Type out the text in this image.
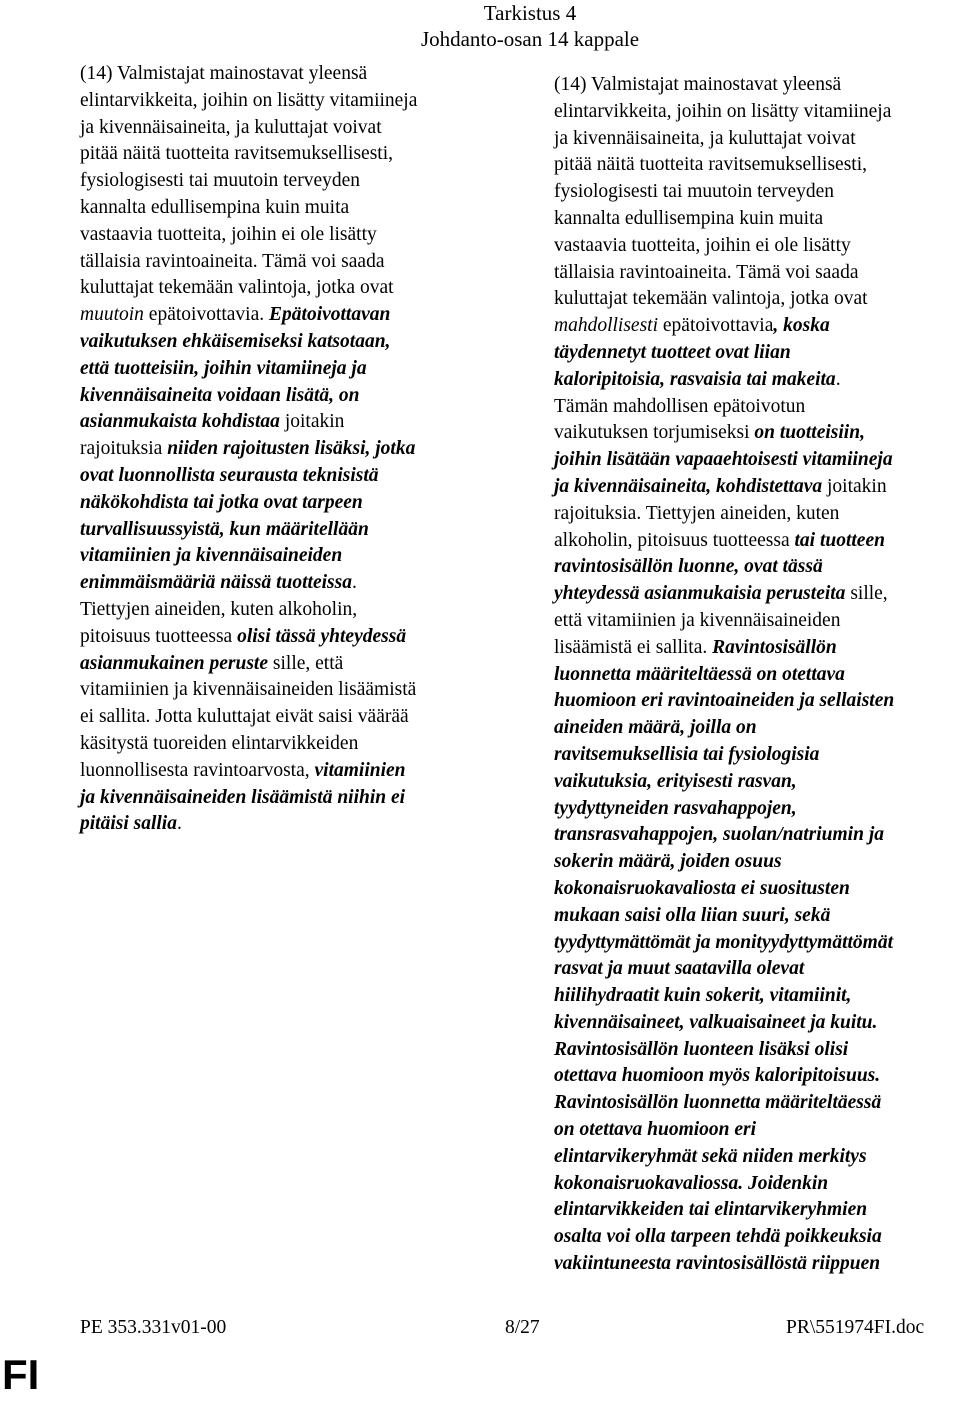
Tarkistus 4
Johdanto-osan 14 kappale
(14) Valmistajat mainostavat yleensä
elintarvikkeita, joihin on lisätty vitamiineja
ja kivennäisaineita, ja kuluttajat voivat
pitää näitä tuotteita ravitsemuksellisesti,
fysiologisesti tai muutoin terveyden
kannalta edullisempina kuin muita
vastaavia tuotteita, joihin ei ole lisätty
tällaisia ravintoaineita. Tämä voi saada
kuluttajat tekemään valintoja, jotka ovat
muutoin epätoivottavia. Epätoivottavan
vaikutuksen ehkäisemiseksi katsotaan,
että tuotteisiin, joihin vitamiineja ja
kivennäisaineita voidaan lisätä, on
asianmukaista kohdistaa joitakin
rajoituksia niiden rajoitusten lisäksi, jotka
ovat luonnollista seurausta teknisistä
näkökohdista tai jotka ovat tarpeen
turvallisuussyistä, kun määritellään
vitamiinien ja kivennäisaineiden
enimmäismääriä näissä tuotteissa.
Tiettyjen aineiden, kuten alkoholin,
pitoisuus tuotteessa olisi tässä yhteydessä
asianmukainen peruste sille, että
vitamiinien ja kivennäisaineiden lisäämistä
ei sallita. Jotta kuluttajat eivät saisi väärää
käsitystä tuoreiden elintarvikkeiden
luonnollisesta ravintoarvosta, vitamiinien
ja kivennäisaineiden lisäämistä niihin ei
pitäisi sallia.
(14) Valmistajat mainostavat yleensä
elintarvikkeita, joihin on lisätty vitamiineja
ja kivennäisaineita, ja kuluttajat voivat
pitää näitä tuotteita ravitsemuksellisesti,
fysiologisesti tai muutoin terveyden
kannalta edullisempina kuin muita
vastaavia tuotteita, joihin ei ole lisätty
tällaisia ravintoaineita. Tämä voi saada
kuluttajat tekemään valintoja, jotka ovat
mahdollisesti epätoivottavia, koska
täydennetyt tuotteet ovat liian
kaloripitoisia, rasvaisia tai makeita.
Tämän mahdollisen epätoivotun
vaikutuksen torjumiseksi on tuotteisiin,
joihin lisätään vapaaehtoisesti vitamiineja
ja kivennäisaineita, kohdistettava joitakin
rajoituksia. Tiettyjen aineiden, kuten
alkoholin, pitoisuus tuotteessa tai tuotteen
ravintosisällön luonne, ovat tässä
yhteydessä asianmukaisia perusteita sille,
että vitamiinien ja kivennäisaineiden
lisäämistä ei sallita. Ravintosisällön
luonnetta määriteltäessä on otettava
huomioon eri ravintoaineiden ja sellaisten
aineiden määrä, joilla on
ravitsemuksellisia tai fysiologisia
vaikutuksia, erityisesti rasvan,
tyydyttyneiden rasvahappojen,
transrasvahappojen, suolan/natriumin ja
sokerin määrä, joiden osuus
kokonaisruokavaliosta ei suositusten
mukaan saisi olla liian suuri, sekä
tyydyttymättömät ja monityydyttymättömät
rasvat ja muut saatavilla olevat
hiilihydraatit kuin sokerit, vitamiinit,
kivennäisaineet, valkuaisaineet ja kuitu.
Ravintosisällön luonteen lisäksi olisi
otettava huomioon myös kaloripitoisuus.
Ravintosisällön luonnetta määriteltäessä
on otettava huomioon eri
elintarvikeryhmät sekä niiden merkitys
kokonaisruokavaliossa. Joidenkin
elintarvikkeiden tai elintarvikeryhmien
osalta voi olla tarpeen tehdä poikkeuksia
vakiintuneesta ravintosisällöstä riippuen
PE 353.331v01-00	8/27	PR\551974FI.doc
FI
